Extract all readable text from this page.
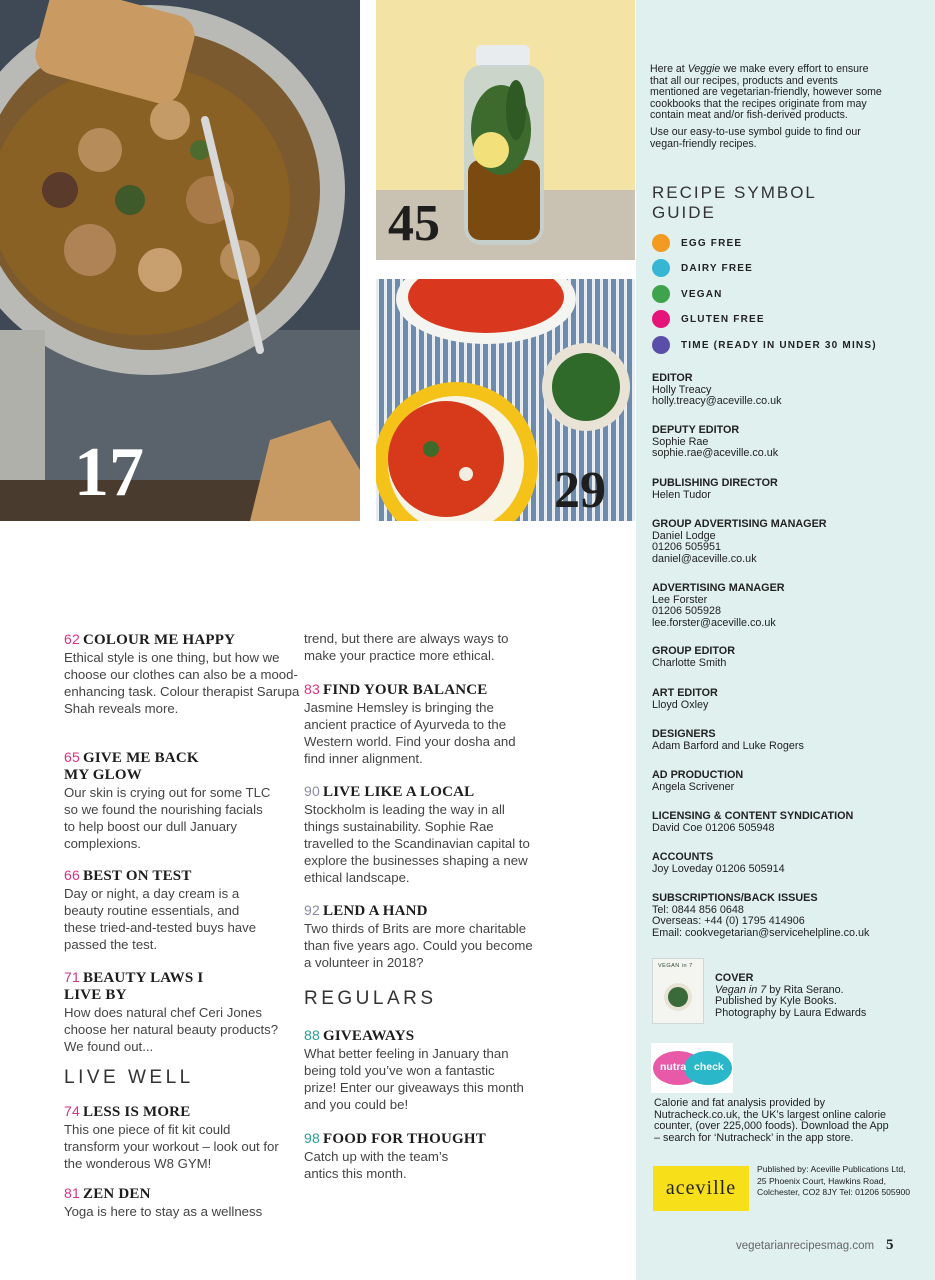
17
45
29
62 COLOUR ME HAPPY
Ethical style is one thing, but how we choose our clothes can also be a mood-enhancing task. Colour therapist Sarupa Shah reveals more.
65 GIVE ME BACK MY GLOW
Our skin is crying out for some TLC so we found the nourishing facials to help boost our dull January complexions.
66 BEST ON TEST
Day or night, a day cream is a beauty routine essentials, and these tried-and-tested buys have passed the test.
71 BEAUTY LAWS I LIVE BY
How does natural chef Ceri Jones choose her natural beauty products? We found out...
LIVE WELL
74 LESS IS MORE
This one piece of fit kit could transform your workout – look out for the wonderous W8 GYM!
81 ZEN DEN
Yoga is here to stay as a wellness
trend, but there are always ways to make your practice more ethical.
83 FIND YOUR BALANCE
Jasmine Hemsley is bringing the ancient practice of Ayurveda to the Western world. Find your dosha and find inner alignment.
90 LIVE LIKE A LOCAL
Stockholm is leading the way in all things sustainability. Sophie Rae travelled to the Scandinavian capital to explore the businesses shaping a new ethical landscape.
92 LEND A HAND
Two thirds of Brits are more charitable than five years ago. Could you become a volunteer in 2018?
REGULARS
88 GIVEAWAYS
What better feeling in January than being told you’ve won a fantastic prize! Enter our giveaways this month and you could be!
98 FOOD FOR THOUGHT
Catch up with the team’s antics this month.

Here at Veggie we make every effort to ensure that all our recipes, products and events mentioned are vegetarian-friendly, however some cookbooks that the recipes originate from may contain meat and/or fish-derived products.

Use our easy-to-use symbol guide to find our vegan-friendly recipes.

RECIPE SYMBOL GUIDE
EGG FREE
DAIRY FREE
VEGAN
GLUTEN FREE
TIME (READY IN UNDER 30 MINS)
EDITOR
Holly Treacy
holly.treacy@aceville.co.uk
DEPUTY EDITOR
Sophie Rae
sophie.rae@aceville.co.uk
PUBLISHING DIRECTOR
Helen Tudor
GROUP ADVERTISING MANAGER
Daniel Lodge
01206 505951
daniel@aceville.co.uk
ADVERTISING MANAGER
Lee Forster
01206 505928
lee.forster@aceville.co.uk
GROUP EDITOR
Charlotte Smith
ART EDITOR
Lloyd Oxley
DESIGNERS
Adam Barford and Luke Rogers
AD PRODUCTION
Angela Scrivener
LICENSING & CONTENT SYNDICATION
David Coe 01206 505948
ACCOUNTS
Joy Loveday 01206 505914
SUBSCRIPTIONS/BACK ISSUES
Tel: 0844 856 0648
Overseas: +44 (0) 1795 414906
Email: cookvegetarian@servicehelpline.co.uk
VEGAN in 7
COVER
Vegan in 7 by Rita Serano.
Published by Kyle Books.
Photography by Laura Edwards
nutra check
Calorie and fat analysis provided by Nutracheck.co.uk, the UK’s largest online calorie counter, (over 225,000 foods). Download the App – search for ‘Nutracheck’ in the app store.
aceville
Published by: Aceville Publications Ltd, 25 Phoenix Court, Hawkins Road, Colchester, CO2 8JY Tel: 01206 505900
vegetarianrecipesmag.com 5
